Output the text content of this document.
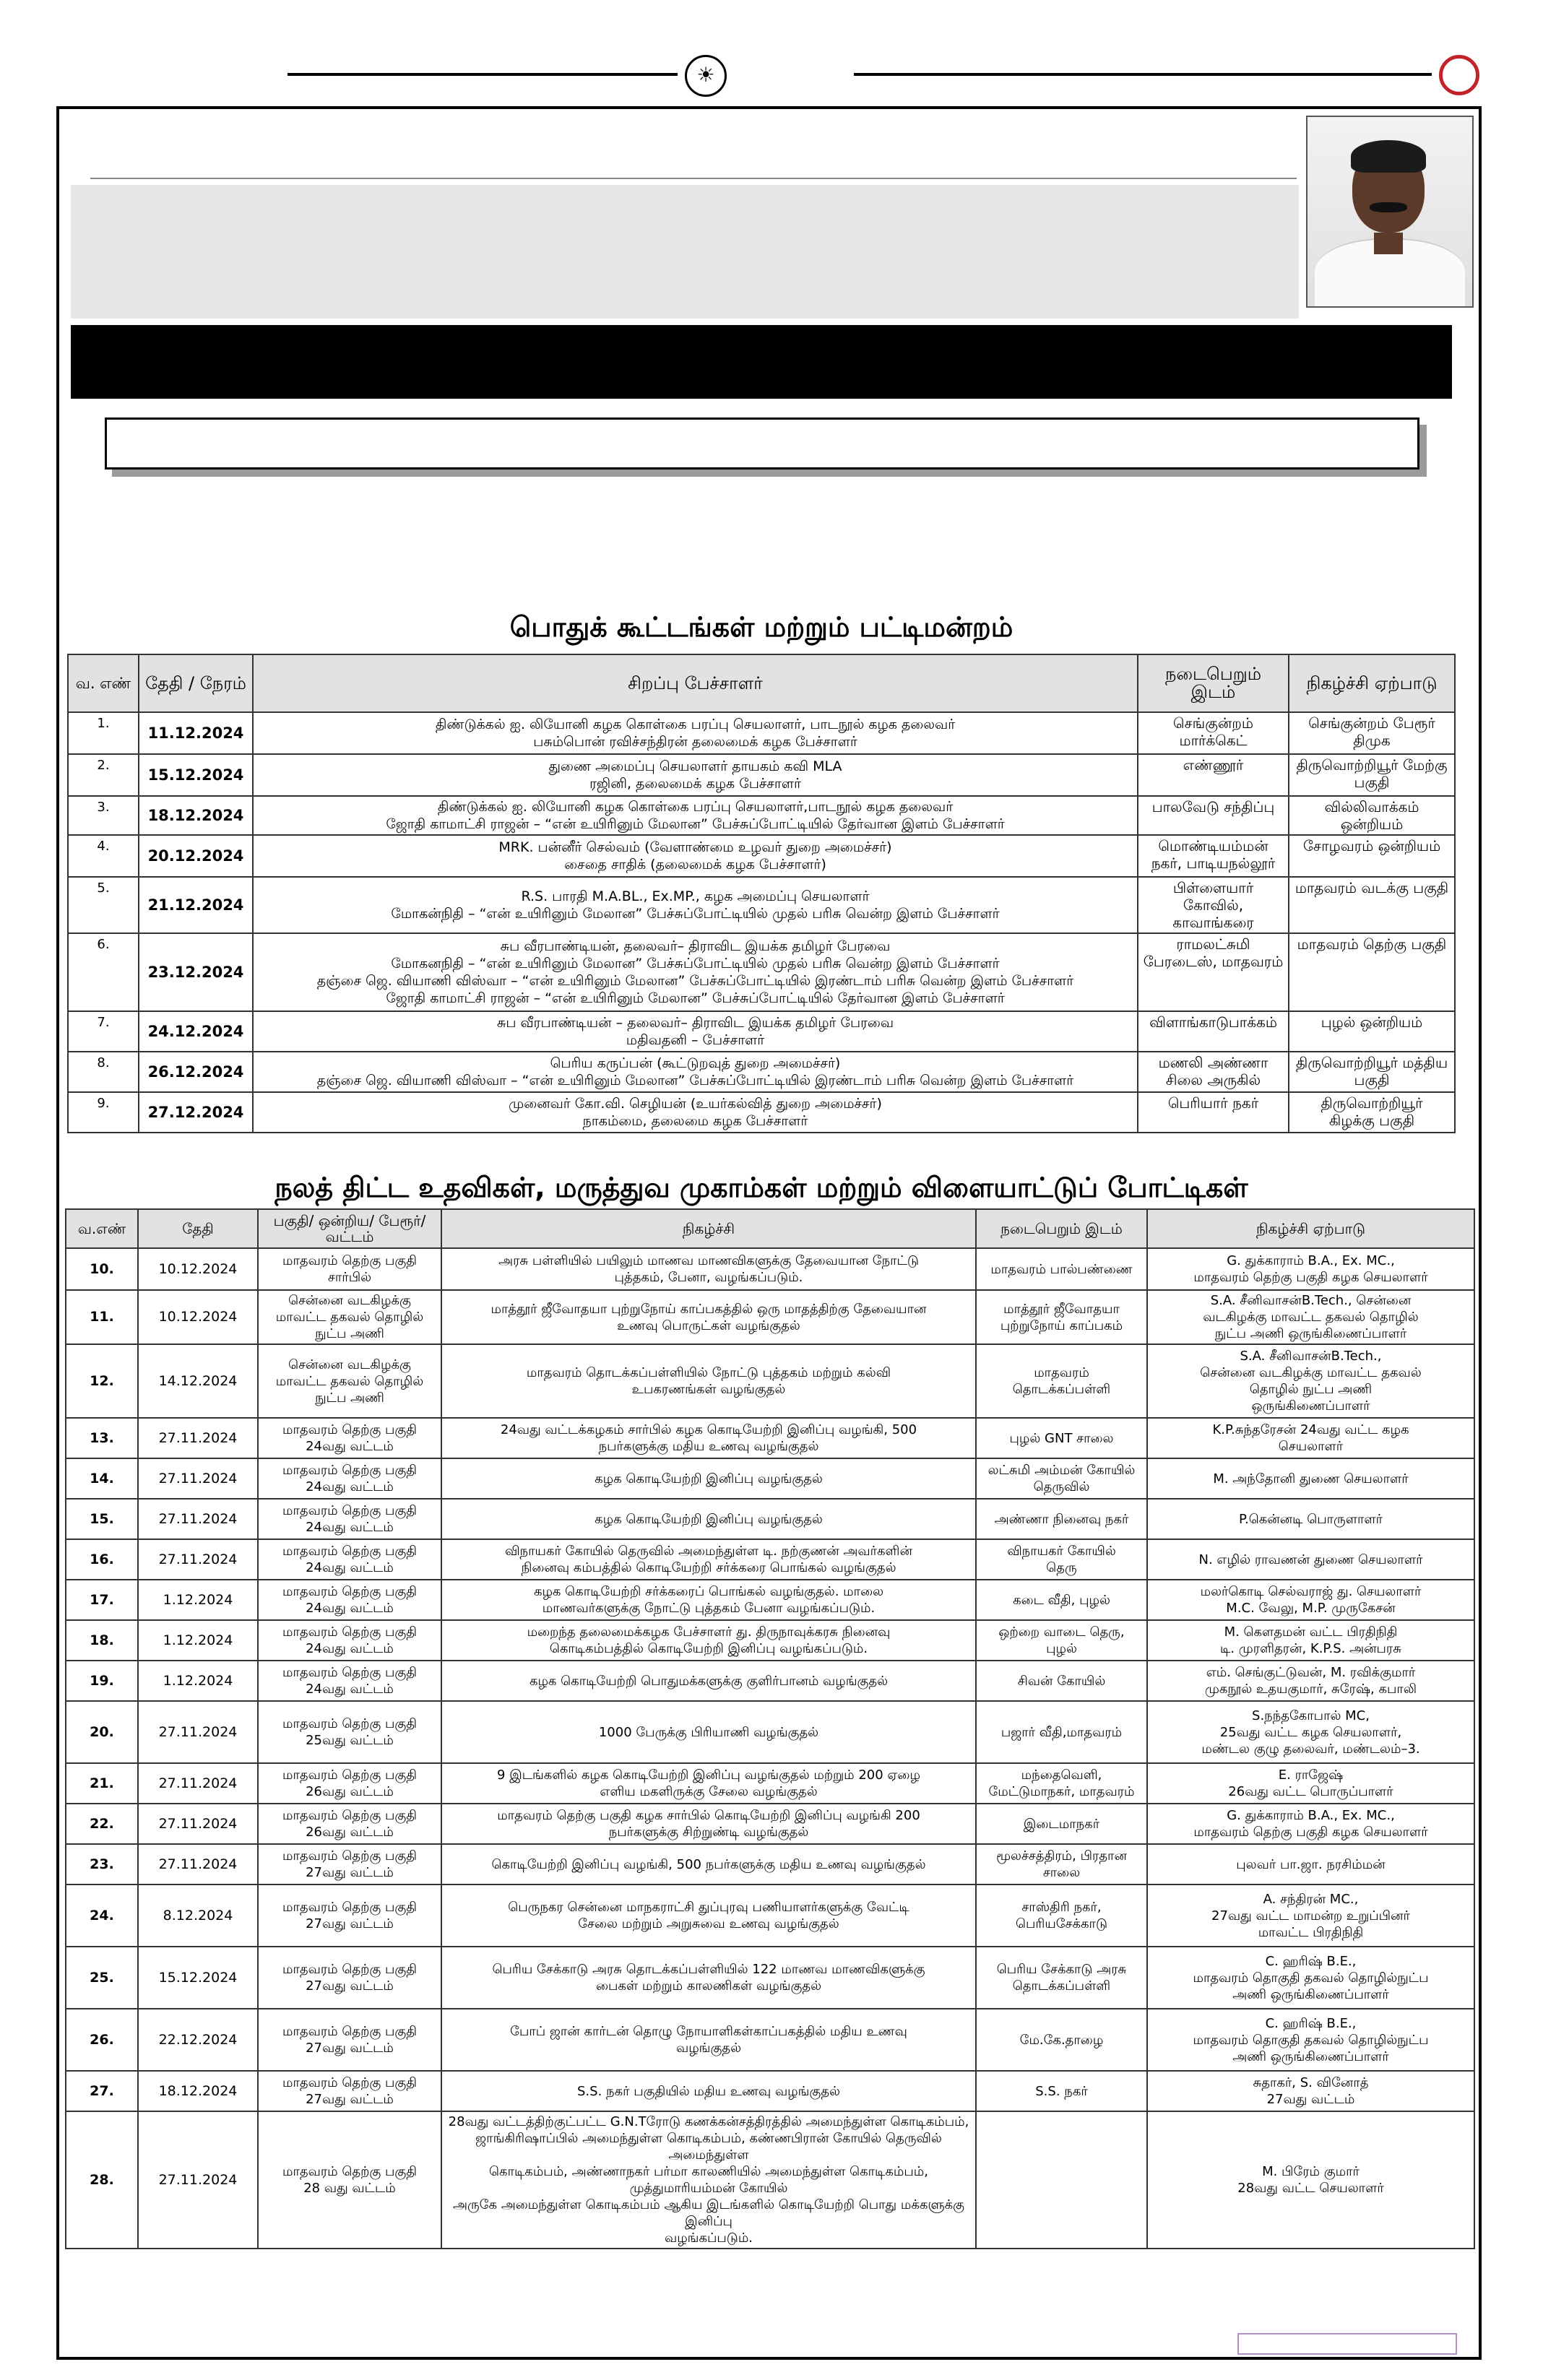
☀
பொதுக் கூட்டங்கள் மற்றும் பட்டிமன்றம்
வ. எண்	தேதி / நேரம்	சிறப்பு பேச்சாளர்	நடைபெறும் இடம்	நிகழ்ச்சி ஏற்பாடு
1.	11.12.2024	திண்டுக்கல் ஐ. லியோனி கழக கொள்கை பரப்பு செயலாளர், பாடநூல் கழக தலைவர்
பசும்பொன் ரவிச்சந்திரன் தலைமைக் கழக பேச்சாளர்	செங்குன்றம்
மார்க்கெட்	செங்குன்றம் பேரூர்
திமுக
2.	15.12.2024	துணை அமைப்பு செயலாளர் தாயகம் கவி MLA
ரஜினி, தலைமைக் கழக பேச்சாளர்	எண்ணூர்	திருவொற்றியூர் மேற்கு
பகுதி
3.	18.12.2024	திண்டுக்கல் ஐ. லியோனி கழக கொள்கை பரப்பு செயலாளர்,பாடநூல் கழக தலைவர்
ஜோதி காமாட்சி ராஜன் – “என் உயிரினும் மேலான” பேச்சுப்போட்டியில் தேர்வான இளம் பேச்சாளர்	பாலவேடு சந்திப்பு	வில்லிவாக்கம்
ஒன்றியம்
4.	20.12.2024	MRK. பன்னீர் செல்வம் (வேளாண்மை உழவர் துறை அமைச்சர்)
சைதை சாதிக் (தலைமைக் கழக பேச்சாளர்)	மொண்டியம்மன்
நகர், பாடியநல்லூர்	சோழவரம் ஒன்றியம்
5.	21.12.2024	R.S. பாரதி M.A.BL., Ex.MP., கழக அமைப்பு செயலாளர்
மோகன்நிதி – “என் உயிரினும் மேலான” பேச்சுப்போட்டியில் முதல் பரிசு வென்ற இளம் பேச்சாளர்	பிள்ளையார் கோவில்,
காவாங்கரை	மாதவரம் வடக்கு பகுதி
6.	23.12.2024	சுப வீரபாண்டியன், தலைவர்– திராவிட இயக்க தமிழர் பேரவை
மோகனநிதி – “என் உயிரினும் மேலான” பேச்சுப்போட்டியில் முதல் பரிசு வென்ற இளம் பேச்சாளர்
தஞ்சை ஜெ. வியாணி விஸ்வா – “என் உயிரினும் மேலான” பேச்சுப்போட்டியில் இரண்டாம் பரிசு வென்ற இளம் பேச்சாளர்
ஜோதி காமாட்சி ராஜன் – “என் உயிரினும் மேலான” பேச்சுப்போட்டியில் தேர்வான இளம் பேச்சாளர்	ராமலட்சுமி
பேரடைஸ், மாதவரம்	மாதவரம் தெற்கு பகுதி
7.	24.12.2024	சுப வீரபாண்டியன் – தலைவர்– திராவிட இயக்க தமிழர் பேரவை
மதிவதனி – பேச்சாளர்	விளாங்காடுபாக்கம்	புழல் ஒன்றியம்
8.	26.12.2024	பெரிய கருப்பன் (கூட்டுறவுத் துறை அமைச்சர்)
தஞ்சை ஜெ. வியாணி விஸ்வா – “என் உயிரினும் மேலான” பேச்சுப்போட்டியில் இரண்டாம் பரிசு வென்ற இளம் பேச்சாளர்	மணலி அண்ணா
சிலை அருகில்	திருவொற்றியூர் மத்திய
பகுதி
9.	27.12.2024	முனைவர் கோ.வி. செழியன் (உயர்கல்வித் துறை அமைச்சர்)
நாகம்மை, தலைமை கழக பேச்சாளர்	பெரியார் நகர்	திருவொற்றியூர்
கிழக்கு பகுதி
நலத் திட்ட உதவிகள், மருத்துவ முகாம்கள் மற்றும் விளையாட்டுப் போட்டிகள்
வ.எண்	தேதி	பகுதி/ ஒன்றிய/ பேரூர்/ வட்டம்	நிகழ்ச்சி	நடைபெறும் இடம்	நிகழ்ச்சி ஏற்பாடு
10.	10.12.2024	மாதவரம் தெற்கு பகுதி
சார்பில்	அரசு பள்ளியில் பயிலும் மாணவ மாணவிகளுக்கு தேவையான நோட்டு
புத்தகம், பேனா, வழங்கப்படும்.	மாதவரம் பால்பண்ணை	G. துக்காராம் B.A., Ex. MC.,
மாதவரம் தெற்கு பகுதி கழக செயலாளர்
11.	10.12.2024	சென்னை வடகிழக்கு
மாவட்ட தகவல் தொழில்
நுட்ப அணி	மாத்தூர் ஜீவோதயா புற்றுநோய் காப்பகத்தில் ஒரு மாதத்திற்கு தேவையான
உணவு பொருட்கள் வழங்குதல்	மாத்தூர் ஜீவோதயா
புற்றுநோய் காப்பகம்	S.A. சீனிவாசன்B.Tech., சென்னை
வடகிழக்கு மாவட்ட தகவல் தொழில்
நுட்ப அணி ஒருங்கிணைப்பாளர்
12.	14.12.2024	சென்னை வடகிழக்கு
மாவட்ட தகவல் தொழில்
நுட்ப அணி	மாதவரம் தொடக்கப்பள்ளியில் நோட்டு புத்தகம் மற்றும் கல்வி
உபகரணங்கள் வழங்குதல்	மாதவரம்
தொடக்கப்பள்ளி	S.A. சீனிவாசன்B.Tech.,
சென்னை வடகிழக்கு மாவட்ட தகவல்
தொழில் நுட்ப அணி
ஒருங்கிணைப்பாளர்
13.	27.11.2024	மாதவரம் தெற்கு பகுதி
24வது வட்டம்	24வது வட்டக்கழகம் சார்பில் கழக கொடியேற்றி இனிப்பு வழங்கி, 500
நபர்களுக்கு மதிய உணவு வழங்குதல்	புழல் GNT சாலை	K.P.சுந்தரேசன் 24வது வட்ட கழக
செயலாளர்
14.	27.11.2024	மாதவரம் தெற்கு பகுதி
24வது வட்டம்	கழக கொடியேற்றி இனிப்பு வழங்குதல்	லட்சுமி அம்மன் கோயில்
தெருவில்	M. அந்தோனி துணை செயலாளர்
15.	27.11.2024	மாதவரம் தெற்கு பகுதி
24வது வட்டம்	கழக கொடியேற்றி இனிப்பு வழங்குதல்	அண்ணா நினைவு நகர்	P.கென்னடி பொருளாளர்
16.	27.11.2024	மாதவரம் தெற்கு பகுதி
24வது வட்டம்	விநாயகர் கோயில் தெருவில் அமைந்துள்ள டி. நற்குணன் அவர்களின்
நினைவு கம்பத்தில் கொடியேற்றி சர்க்கரை பொங்கல் வழங்குதல்	விநாயகர் கோயில்
தெரு	N. எழில் ராவணன் துணை செயலாளர்
17.	1.12.2024	மாதவரம் தெற்கு பகுதி
24வது வட்டம்	கழக கொடியேற்றி சர்க்கரைப் பொங்கல் வழங்குதல். மாலை
மாணவர்களுக்கு நோட்டு புத்தகம் பேனா வழங்கப்படும்.	கடை வீதி, புழல்	மலர்கொடி செல்வராஜ் து. செயலாளர்
M.C. வேலு, M.P. முருகேசன்
18.	1.12.2024	மாதவரம் தெற்கு பகுதி
24வது வட்டம்	மறைந்த தலைமைக்கழக பேச்சாளர் து. திருநாவுக்கரசு நினைவு
கொடிகம்பத்தில் கொடியேற்றி இனிப்பு வழங்கப்படும்.	ஒற்றை வாடை தெரு,
புழல்	M. கௌதமன் வட்ட பிரதிநிதி
டி. முரளிதரன், K.P.S. அன்பரசு
19.	1.12.2024	மாதவரம் தெற்கு பகுதி
24வது வட்டம்	கழக கொடியேற்றி பொதுமக்களுக்கு குளிர்பானம் வழங்குதல்	சிவன் கோயில்	எம். செங்குட்டுவன், M. ரவிக்குமார்
முகநூல் உதயகுமார், சுரேஷ், கபாலி
20.	27.11.2024	மாதவரம் தெற்கு பகுதி
25வது வட்டம்	1000 பேருக்கு பிரியாணி வழங்குதல்	பஜார் வீதி,மாதவரம்	S.நந்தகோபால் MC,
25வது வட்ட கழக செயலாளர்,
மண்டல குழு தலைவர், மண்டலம்–3.
21.	27.11.2024	மாதவரம் தெற்கு பகுதி
26வது வட்டம்	9 இடங்களில் கழக கொடியேற்றி இனிப்பு வழங்குதல் மற்றும் 200 ஏழை
எளிய மகளிருக்கு சேலை வழங்குதல்	மந்தைவெளி,
மேட்டுமாநகர், மாதவரம்	E. ராஜேஷ்
26வது வட்ட பொருப்பாளர்
22.	27.11.2024	மாதவரம் தெற்கு பகுதி
26வது வட்டம்	மாதவரம் தெற்கு பகுதி கழக சார்பில் கொடியேற்றி இனிப்பு வழங்கி 200
நபர்களுக்கு சிற்றுண்டி வழங்குதல்	இடைமாநகர்	G. துக்காராம் B.A., Ex. MC.,
மாதவரம் தெற்கு பகுதி கழக செயலாளர்
23.	27.11.2024	மாதவரம் தெற்கு பகுதி
27வது வட்டம்	கொடியேற்றி இனிப்பு வழங்கி, 500 நபர்களுக்கு மதிய உணவு வழங்குதல்	மூலச்சத்திரம், பிரதான
சாலை	புலவர் பா.ஜா. நரசிம்மன்
24.	8.12.2024	மாதவரம் தெற்கு பகுதி
27வது வட்டம்	பெருநகர சென்னை மாநகராட்சி துப்புரவு பணியாளர்களுக்கு வேட்டி
சேலை மற்றும் அறுசுவை உணவு வழங்குதல்	சாஸ்திரி நகர்,
பெரியசேக்காடு	A. சந்திரன் MC.,
27வது வட்ட மாமன்ற உறுப்பினர்
மாவட்ட பிரதிநிதி
25.	15.12.2024	மாதவரம் தெற்கு பகுதி
27வது வட்டம்	பெரிய சேக்காடு அரசு தொடக்கப்பள்ளியில் 122 மாணவ மாணவிகளுக்கு
பைகள் மற்றும் காலணிகள் வழங்குதல்	பெரிய சேக்காடு அரசு
தொடக்கப்பள்ளி	C. ஹரிஷ் B.E.,
மாதவரம் தொகுதி தகவல் தொழில்நுட்ப
அணி ஒருங்கிணைப்பாளர்
26.	22.12.2024	மாதவரம் தெற்கு பகுதி
27வது வட்டம்	போப் ஜான் கார்டன் தொழு நோயாளிகள்காப்பகத்தில் மதிய உணவு
வழங்குதல்	மே.கே.தாழை	C. ஹரிஷ் B.E.,
மாதவரம் தொகுதி தகவல் தொழில்நுட்ப
அணி ஒருங்கிணைப்பாளர்
27.	18.12.2024	மாதவரம் தெற்கு பகுதி
27வது வட்டம்	S.S. நகர் பகுதியில் மதிய உணவு வழங்குதல்	S.S. நகர்	சுதாகர், S. வினோத்
27வது வட்டம்
28.	27.11.2024	மாதவரம் தெற்கு பகுதி
28 வது வட்டம்	28வது வட்டத்திற்குட்பட்ட G.N.Tரோடு கணக்கன்சத்திரத்தில் அமைந்துள்ள கொடிகம்பம்,
ஜாங்கிரிஷாப்பில் அமைந்துள்ள கொடிகம்பம், கண்ணபிரான் கோயில் தெருவில் அமைந்துள்ள
கொடிகம்பம், அண்ணாநகர் பர்மா காலணியில் அமைந்துள்ள கொடிகம்பம், முத்துமாரியம்மன் கோயில்
அருகே அமைந்துள்ள கொடிகம்பம் ஆகிய இடங்களில் கொடியேற்றி பொது மக்களுக்கு இனிப்பு
வழங்கப்படும்.		M. பிரேம் குமார்
28வது வட்ட செயலாளர்
